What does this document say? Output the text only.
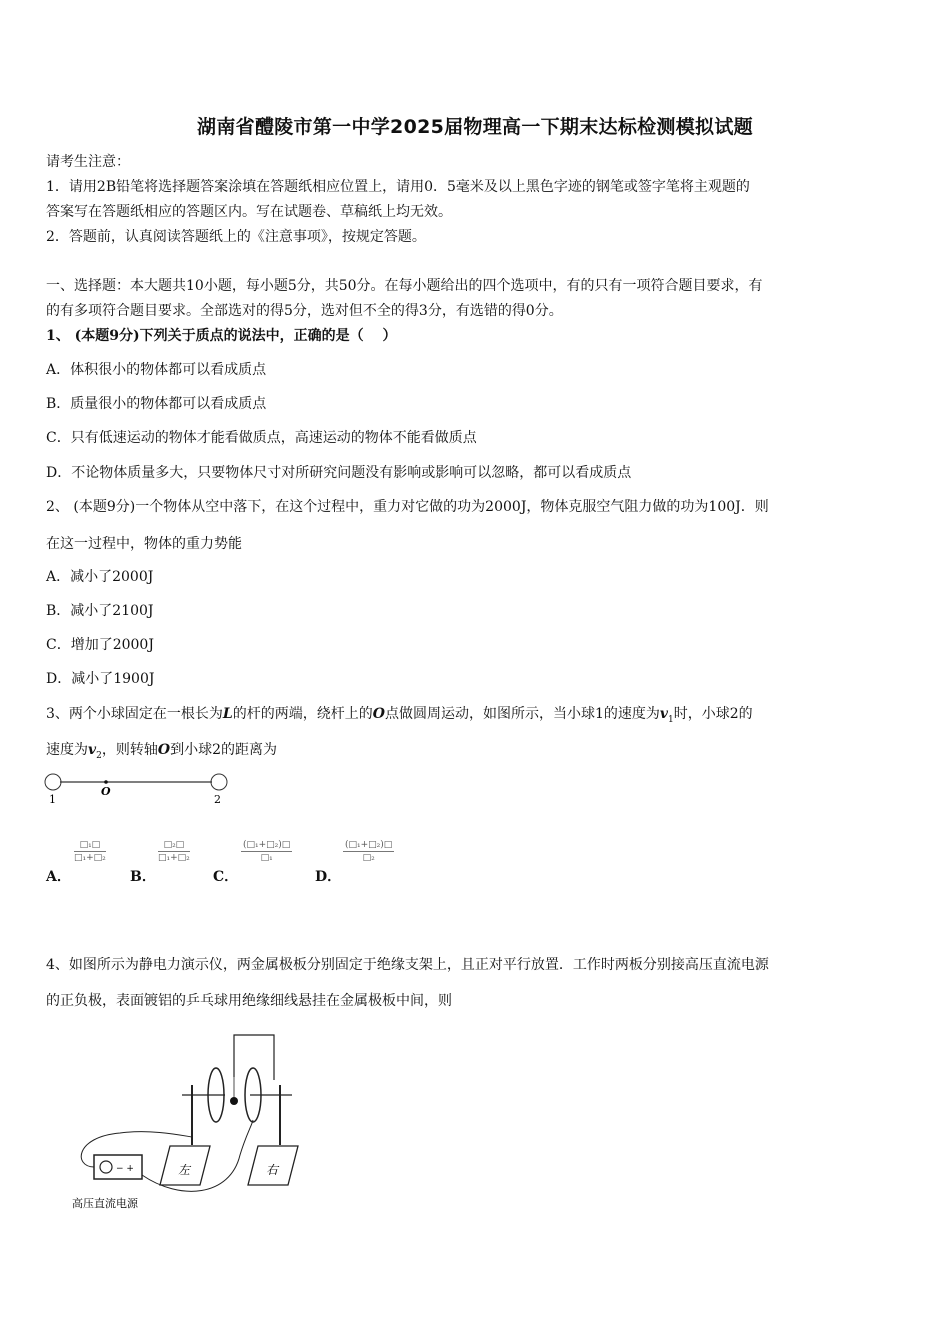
湖南省醴陵市第一中学2025届物理高一下期末达标检测模拟试题
请考生注意：
1．请用2B铅笔将选择题答案涂填在答题纸相应位置上，请用0．5毫米及以上黑色字迹的钢笔或签字笔将主观题的
答案写在答题纸相应的答题区内。写在试题卷、草稿纸上均无效。
2．答题前，认真阅读答题纸上的《注意事项》，按规定答题。
一、选择题：本大题共10小题，每小题5分，共50分。在每小题给出的四个选项中，有的只有一项符合题目要求，有
的有多项符合题目要求。全部选对的得5分，选对但不全的得3分，有选错的得0分。
1、 (本题9分)下列关于质点的说法中，正确的是（　 ）
A．体积很小的物体都可以看成质点
B．质量很小的物体都可以看成质点
C．只有低速运动的物体才能看做质点，高速运动的物体不能看做质点
D．不论物体质量多大，只要物体尺寸对所研究问题没有影响或影响可以忽略，都可以看成质点
2、 (本题9分)一个物体从空中落下，在这个过程中，重力对它做的功为2000J，物体克服空气阻力做的功为100J．则
在这一过程中，物体的重力势能
A．减小了2000J
B．减小了2100J
C．增加了2000J
D．减小了1900J
3、两个小球固定在一根长为L的杆的两端，绕杆上的O点做圆周运动，如图所示，当小球1的速度为$v_1$时，小球2的
速度为$v_2$，则转轴O到小球2的距离为
1
O
2
A．
□₁□
□₁+□₂
B．
□₂□
□₁+□₂
C．
(□₁+□₂)□
□₁
D．
(□₁+□₂)□
□₂
4、如图所示为静电力演示仪，两金属极板分别固定于绝缘支架上，且正对平行放置．工作时两板分别接高压直流电源
的正负极，表面镀铝的乒乓球用绝缘细线悬挂在金属极板中间，则
左	右
− +
高压直流电源
